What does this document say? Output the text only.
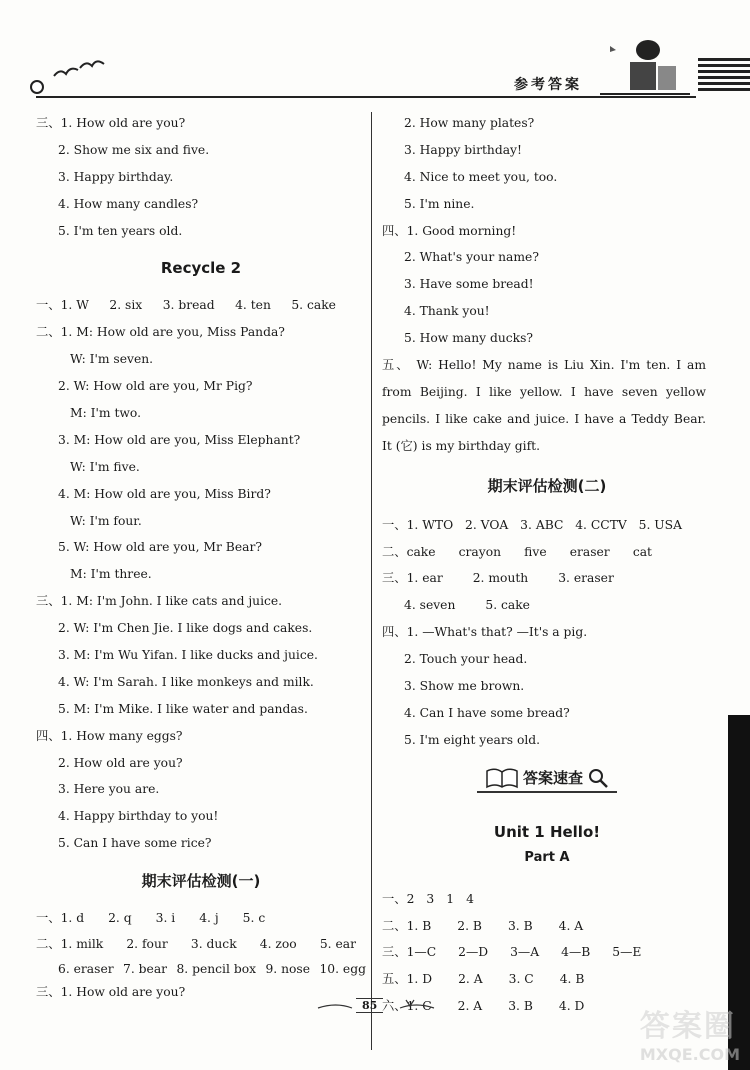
参考答案
三、1. How old are you?
2. Show me six and five.
3. Happy birthday.
4. How many candles?
5. I'm ten years old.
Recycle 2
一、1. W 2. six 3. bread 4. ten 5. cake
二、1. M: How old are you, Miss Panda?
W: I'm seven.
2. W: How old are you, Mr Pig?
M: I'm two.
3. M: How old are you, Miss Elephant?
W: I'm five.
4. M: How old are you, Miss Bird?
W: I'm four.
5. W: How old are you, Mr Bear?
M: I'm three.
三、1. M: I'm John. I like cats and juice.
2. W: I'm Chen Jie. I like dogs and cakes.
3. M: I'm Wu Yifan. I like ducks and juice.
4. W: I'm Sarah. I like monkeys and milk.
5. M: I'm Mike. I like water and pandas.
四、1. How many eggs?
2. How old are you?
3. Here you are.
4. Happy birthday to you!
5. Can I have some rice?
期末评估检测(一)
一、1. d 2. q 3. i 4. j 5. c
二、1. milk 2. four 3. duck 4. zoo 5. ear
6. eraser 7. bear 8. pencil box 9. nose 10. egg
三、1. How old are you?
2. How many plates?
3. Happy birthday!
4. Nice to meet you, too.
5. I'm nine.
四、1. Good morning!
2. What's your name?
3. Have some bread!
4. Thank you!
5. How many ducks?
五、 W: Hello! My name is Liu Xin. I'm ten. I am from Beijing. I like yellow. I have seven yellow pencils. I like cake and juice. I have a Teddy Bear. It (它) is my birthday gift.
期末评估检测(二)
一、1. WTO 2. VOA 3. ABC 4. CCTV 5. USA
二、cake crayon five eraser cat
三、1. ear 2. mouth 3. eraser
4. seven 5. cake
四、1. —What's that? —It's a pig.
2. Touch your head.
3. Show me brown.
4. Can I have some bread?
5. I'm eight years old.
答案速查
Unit 1 Hello!
Part A
一、2 3 1 4
二、1. B 2. B 3. B 4. A
三、1—C 2—D 3—A 4—B 5—E
五、1. D 2. A 3. C 4. B
六、1. C 2. A 3. B 4. D
85
答案圈
MXQE.COM
